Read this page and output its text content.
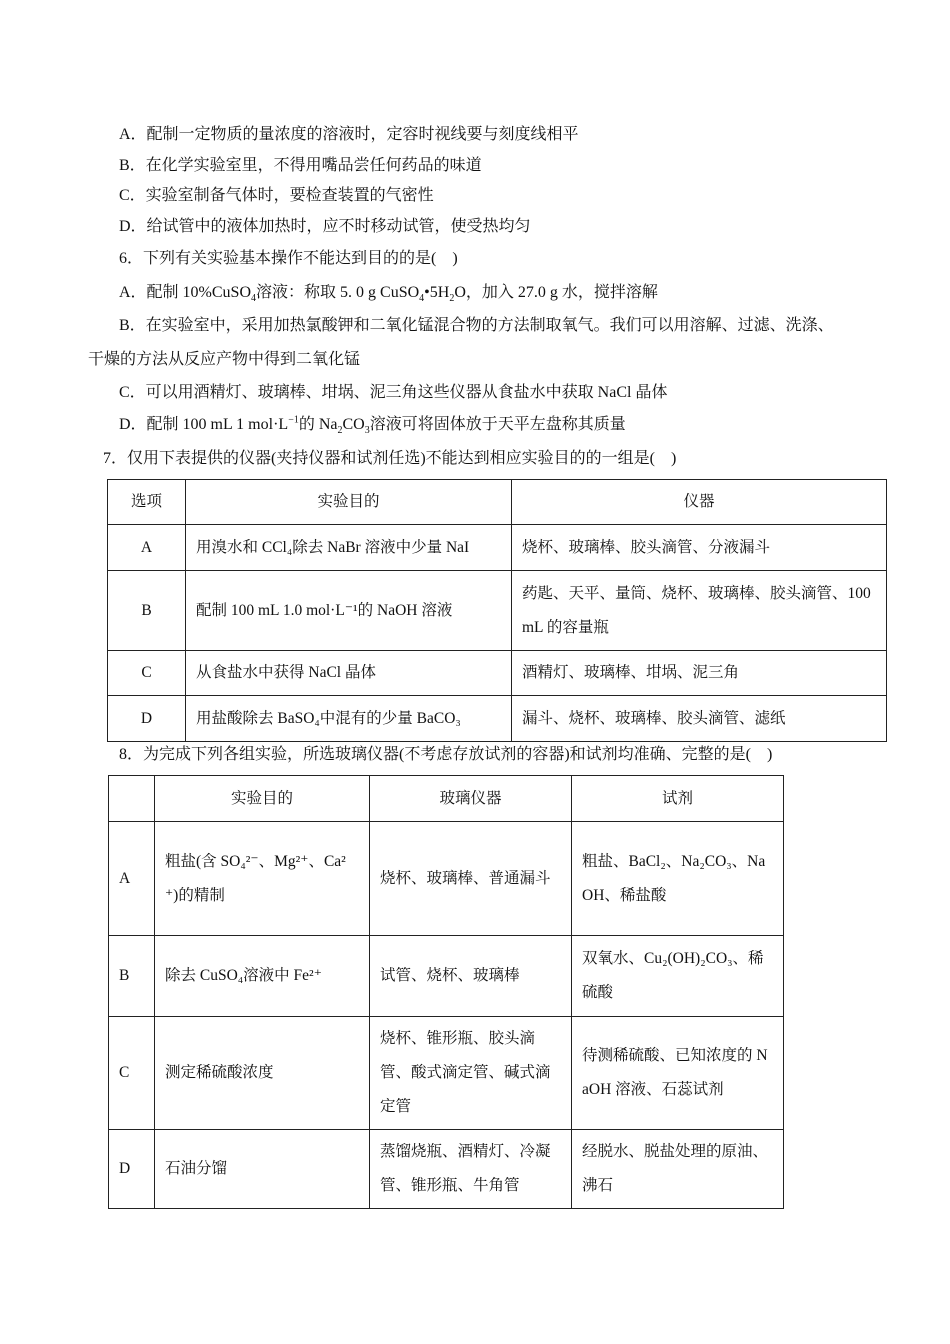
A．配制一定物质的量浓度的溶液时，定容时视线要与刻度线相平
B．在化学实验室里，不得用嘴品尝任何药品的味道
C．实验室制备气体时，要检查装置的气密性
D．给试管中的液体加热时，应不时移动试管，使受热均匀
6．下列有关实验基本操作不能达到目的的是(　)
A．配制 10%CuSO$_4$溶液：称取 5. 0 g $CuSO_4•5H_2O$，加入 27.0 g 水，搅拌溶解
B．在实验室中，采用加热氯酸钾和二氧化锰混合物的方法制取氧气。我们可以用溶解、过滤、洗涤、
干燥的方法从反应产物中得到二氧化锰
C．可以用酒精灯、玻璃棒、坩埚、泥三角这些仪器从食盐水中获取 NaCl 晶体
D．配制 100 mL 1 $mol\cdot L^{-1}$的 $Na_2CO_3$溶液可将固体放于天平左盘称其质量
7．仅用下表提供的仪器(夹持仪器和试剂任选)不能达到相应实验目的的一组是(　)
选项	实验目的	仪器
A	用溴水和 CCl₄除去 NaBr 溶液中少量 NaI	烧杯、玻璃棒、胶头滴管、分液漏斗
B	配制 100 mL 1.0 mol·L⁻¹的 NaOH 溶液	药匙、天平、量筒、烧杯、玻璃棒、胶头滴管、100 mL 的容量瓶
C	从食盐水中获得 NaCl 晶体	酒精灯、玻璃棒、坩埚、泥三角
D	用盐酸除去 BaSO₄中混有的少量 BaCO₃	漏斗、烧杯、玻璃棒、胶头滴管、滤纸
8．为完成下列各组实验，所选玻璃仪器(不考虑存放试剂的容器)和试剂均准确、完整的是(　)
	实验目的	玻璃仪器	试剂
A	粗盐(含 SO₄²⁻、Mg²⁺、Ca²⁺)的精制	烧杯、玻璃棒、普通漏斗	粗盐、BaCl₂、Na₂CO₃、NaOH、稀盐酸
B	除去 CuSO₄溶液中 Fe²⁺	试管、烧杯、玻璃棒	双氧水、Cu₂(OH)₂CO₃、稀硫酸
C	测定稀硫酸浓度	烧杯、锥形瓶、胶头滴管、酸式滴定管、碱式滴定管	待测稀硫酸、已知浓度的 NaOH 溶液、石蕊试剂
D	石油分馏	蒸馏烧瓶、酒精灯、冷凝管、锥形瓶、牛角管	经脱水、脱盐处理的原油、沸石
